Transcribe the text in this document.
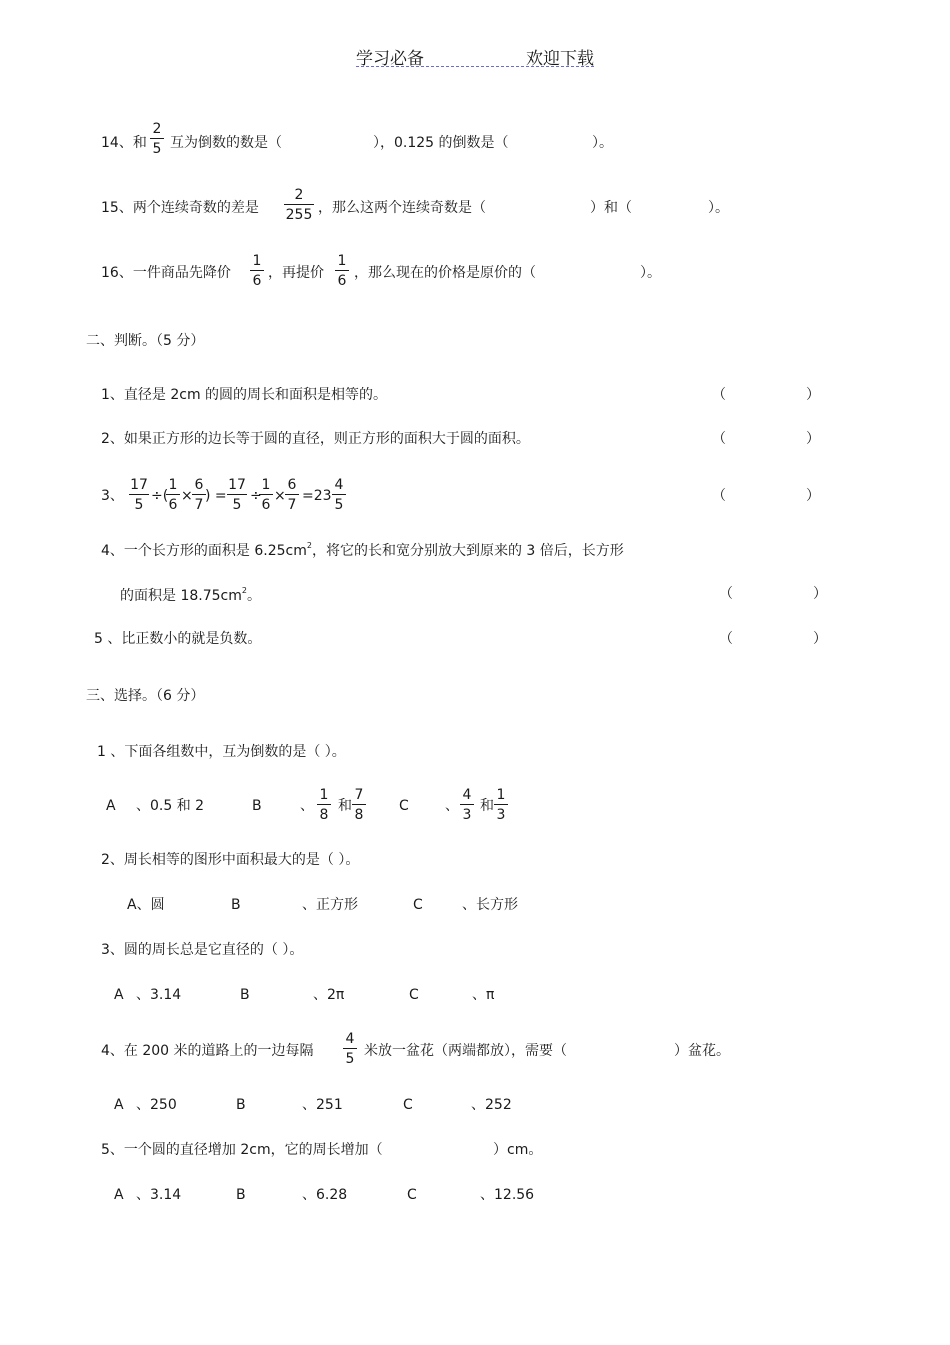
学习必备	欢迎下载
14、和
2
5 互为倒数的数是（	），0.125 的倒数是（	）。
15、两个连续奇数的差是
2
255 ，那么这两个连续奇数是（	）和（	）。
16、一件商品先降价
1
6 ，再提价
1
6 ，那么现在的价格是原价的（	）。
二、判断。（5 分）
1、直径是 2cm 的圆的周长和面积是相等的。	（	）
2、如果正方形的边长等于圆的直径，则正方形的面积大于圆的面积。	（	）
3、
17
5
÷(
1
6
×
6
7
) =
17
5
÷
1
6
×
6
7
=23
4
5
（	）
4、一个长方形的面积是 $6.25cm^2$，将它的长和宽分别放大到原来的 3 倍后，长方形
的面积是 $18.75cm^2$。	（	）
5 、比正数小的就是负数。	（	）
三、选择。（6 分）
1 、下面各组数中，互为倒数的是（ ）。
A 、0.5 和 2	B	、
1
8
和
7
8
C	、
4
3
和
1
3
2、周长相等的图形中面积最大的是（ ）。
A、圆	B	、正方形	C	、长方形
3、圆的周长总是它直径的（ ）。
A 、3.14	B	、2π	C	、π
4、在 200 米的道路上的一边每隔
4
5 米放一盆花（两端都放），需要（	）盆花。
A 、250	B	、251	C	、252
5、一个圆的直径增加 2cm，它的周长增加（	）cm。
A 、3.14	B	、6.28	C	、12.56
